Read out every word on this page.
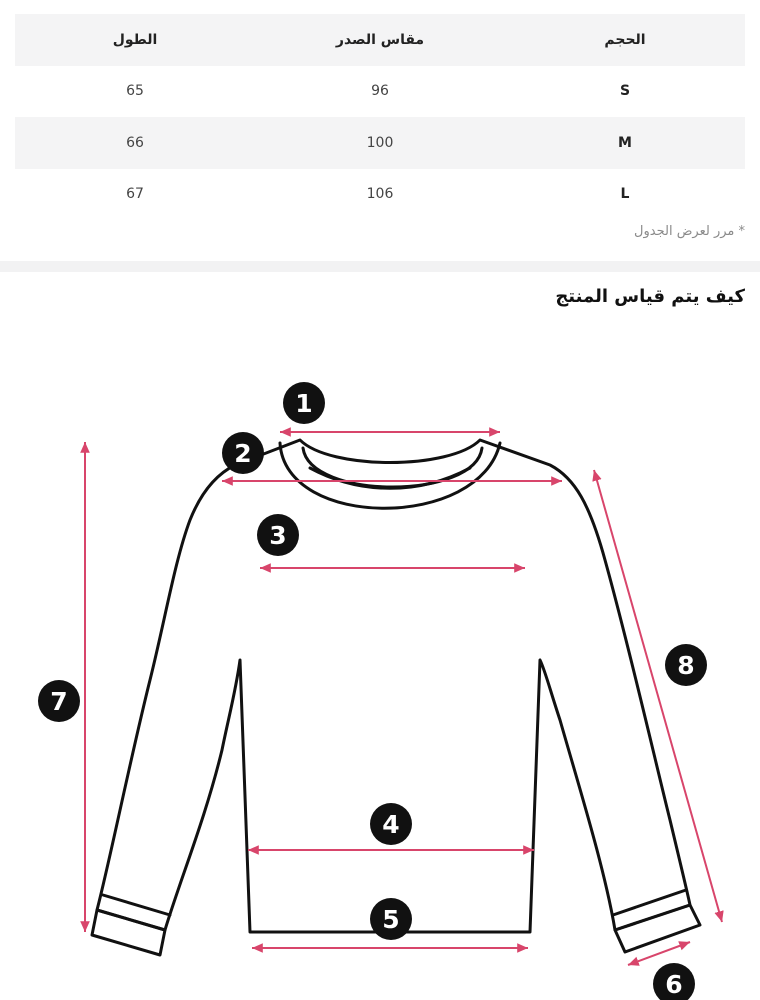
الحجم	مقاس الصدر	الطول
S	96	65
M	100	66
L	106	67
* مرر لعرض الجدول
كيف يتم قياس المنتج
1
2
3
4
5
6
7
8
